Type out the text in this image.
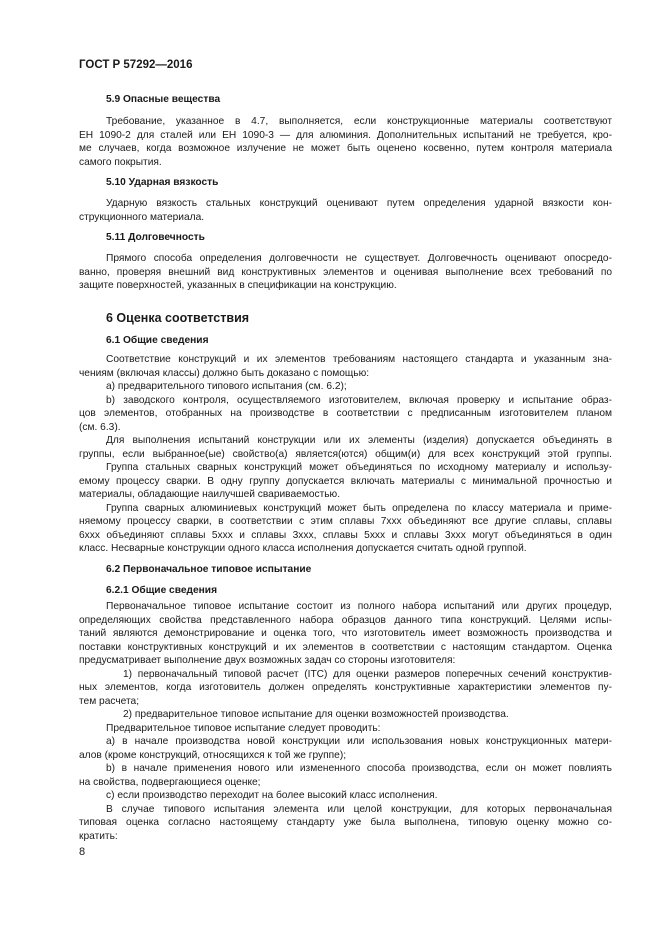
ГОСТ Р 57292—2016
5.9 Опасные вещества
Требование, указанное в 4.7, выполняется, если конструкционные материалы соответствуют
ЕН 1090-2 для сталей или ЕН 1090-3 — для алюминия. Дополнительных испытаний не требуется, кро-
ме случаев, когда возможное излучение не может быть оценено косвенно, путем контроля материала
самого покрытия.
5.10 Ударная вязкость
Ударную вязкость стальных конструкций оценивают путем определения ударной вязкости кон-
струкционного материала.
5.11 Долговечность
Прямого способа определения долговечности не существует. Долговечность оценивают опосредо-
ванно, проверяя внешний вид конструктивных элементов и оценивая выполнение всех требований по
защите поверхностей, указанных в спецификации на конструкцию.
6 Оценка соответствия
6.1 Общие сведения
Соответствие конструкций и их элементов требованиям настоящего стандарта и указанным зна-
чениям (включая классы) должно быть доказано с помощью:
a) предварительного типового испытания (см. 6.2);
b) заводского контроля, осуществляемого изготовителем, включая проверку и испытание образ-
цов элементов, отобранных на производстве в соответствии с предписанным изготовителем планом
(см. 6.3).
Для выполнения испытаний конструкции или их элементы (изделия) допускается объединять в
группы, если выбранное(ые) свойство(а) является(ются) общим(и) для всех конструкций этой группы.
Группа стальных сварных конструкций может объединяться по исходному материалу и использу-
емому процессу сварки. В одну группу допускается включать материалы с минимальной прочностью и
материалы, обладающие наилучшей свариваемостью.
Группа сварных алюминиевых конструкций может быть определена по классу материала и приме-
няемому процессу сварки, в соответствии с этим сплавы 7ххх объединяют все другие сплавы, сплавы
6ххх объединяют сплавы 5ххх и сплавы 3ххх, сплавы 5ххх и сплавы 3ххх могут объединяться в один
класс. Несварные конструкции одного класса исполнения допускается считать одной группой.
6.2 Первоначальное типовое испытание
6.2.1 Общие сведения
Первоначальное типовое испытание состоит из полного набора испытаний или других процедур,
определяющих свойства представленного набора образцов данного типа конструкций. Целями испы-
таний являются демонстрирование и оценка того, что изготовитель имеет возможность производства и
поставки конструктивных конструкций и их элементов в соответствии с настоящим стандартом. Оценка
предусматривает выполнение двух возможных задач со стороны изготовителя:
1) первоначальный типовой расчет (ITC) для оценки размеров поперечных сечений конструктив-
ных элементов, когда изготовитель должен определять конструктивные характеристики элементов пу-
тем расчета;
2) предварительное типовое испытание для оценки возможностей производства.
Предварительное типовое испытание следует проводить:
a) в начале производства новой конструкции или использования новых конструкционных матери-
алов (кроме конструкций, относящихся к той же группе);
b) в начале применения нового или измененного способа производства, если он может повлиять
на свойства, подвергающиеся оценке;
c) если производство переходит на более высокий класс исполнения.
В случае типового испытания элемента или целой конструкции, для которых первоначальная
типовая оценка согласно настоящему стандарту уже была выполнена, типовую оценку можно со-
кратить:
8
